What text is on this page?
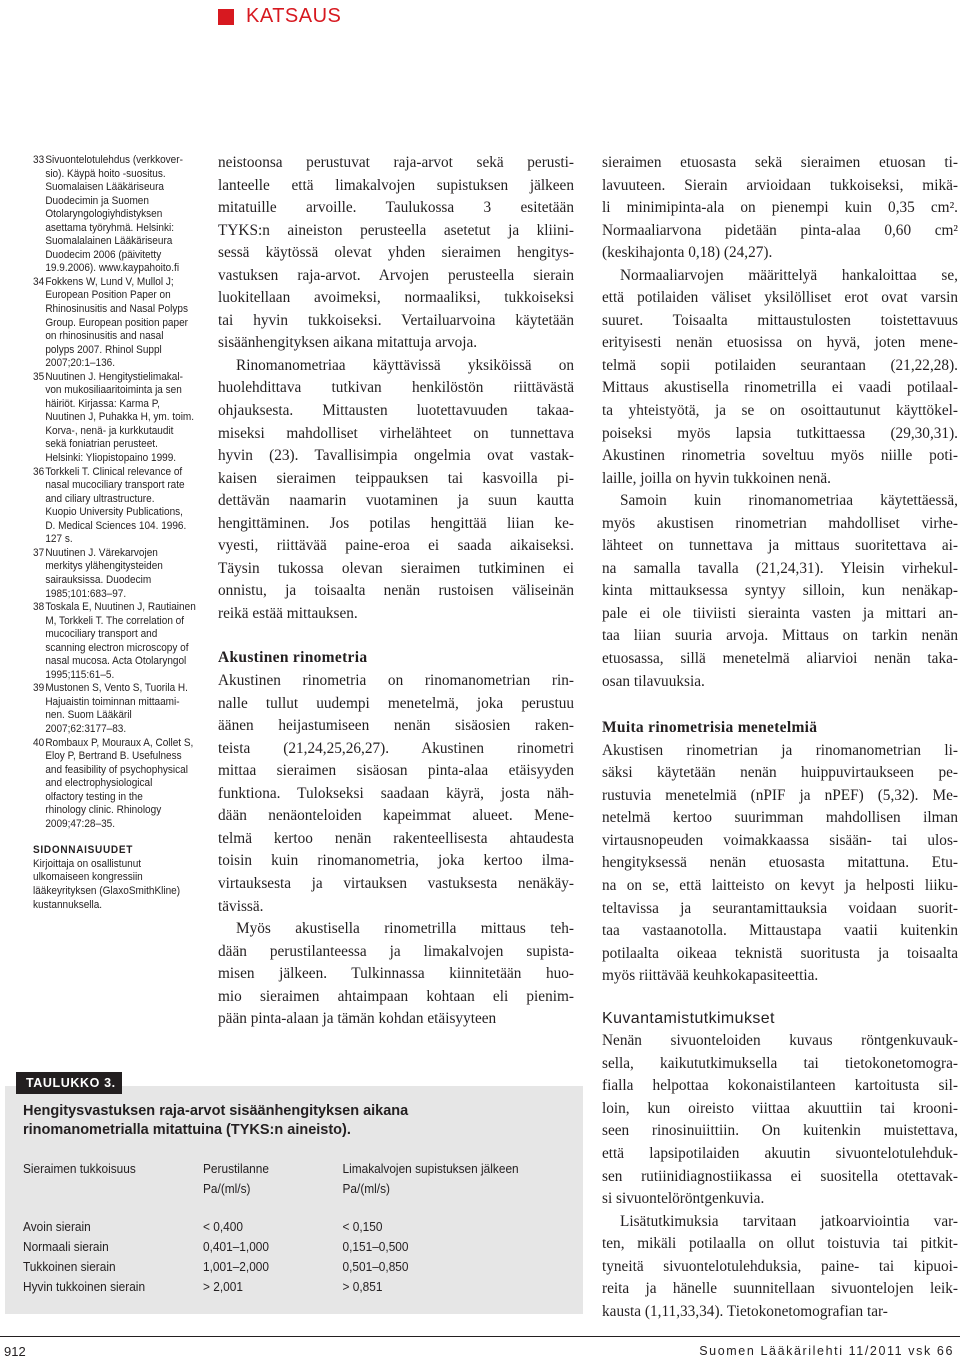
KATSAUS
33 Sivuontelotulehdus (verkkover-
sio). Käypä hoito -suositus.
Suomalaisen Lääkäriseura
Duodecimin ja Suomen
Otolaryngologiyhdistyksen
asettama työryhmä. Helsinki:
Suomalalainen Lääkäriseura
Duodecim 2006 (päivitetty
19.9.2006). www.kaypahoito.fi
34 Fokkens W, Lund V, Mullol J;
European Position Paper on
Rhinosinusitis and Nasal Polyps
Group. European position paper
on rhinosinusitis and nasal
polyps 2007. Rhinol Suppl
2007;20:1–136.
35 Nuutinen J. Hengitystielimakal-
von mukosiliaaritoiminta ja sen
häiriöt. Kirjassa: Karma P,
Nuutinen J, Puhakka H, ym. toim.
Korva-, nenä- ja kurkkutaudit
sekä foniatrian perusteet.
Helsinki: Yliopistopaino 1999.
36 Torkkeli T. Clinical relevance of
nasal mucociliary transport rate
and ciliary ultrastructure.
Kuopio University Publications,
D. Medical Sciences 104. 1996.
127 s.
37 Nuutinen J. Värekarvojen
merkitys ylähengitysteiden
sairauksissa. Duodecim
1985;101:683–97.
38 Toskala E, Nuutinen J, Rautiainen
M, Torkkeli T. The correlation of
mucociliary transport and
scanning electron microscopy of
nasal mucosa. Acta Otolaryngol
1995;115:61–5.
39 Mustonen S, Vento S, Tuorila H.
Hajuaistin toiminnan mittaami-
nen. Suom Lääkäril
2007;62:3177–83.
40 Rombaux P, Mouraux A, Collet S,
Eloy P, Bertrand B. Usefulness
and feasibility of psychophysical
and electrophysiological
olfactory testing in the
rhinology clinic. Rhinology
2009;47:28–35.
SIDONNAISUUDET
Kirjoittaja on osallistunut
ulkomaiseen kongressiin
lääkeyrityksen (GlaxoSmithKline)
kustannuksella.

neistoonsa perustuvat raja-arvot sekä perusti-
lanteelle että limakalvojen supistuksen jälkeen
mitatuille arvoille. Taulukossa 3 esitetään
TYKS:n aineiston perusteella asetetut ja kliini-
sessä käytössä olevat yhden sieraimen hengitys-
vastuksen raja-arvot. Arvojen perusteella sierain
luokitellaan avoimeksi, normaaliksi, tukkoiseksi
tai hyvin tukkoiseksi. Vertailuarvoina käytetään
sisäänhengityksen aikana mitattuja arvoja.

Rinomanometriaa käyttävissä yksiköissä on
huolehdittava tutkivan henkilöstön riittävästä
ohjauksesta. Mittausten luotettavuuden takaa-
miseksi mahdolliset virhelähteet on tunnettava
hyvin (23). Tavallisimpia ongelmia ovat vastak-
kaisen sieraimen teippauksen tai kasvoilla pi-
dettävän naamarin vuotaminen ja suun kautta
hengittäminen. Jos potilas hengittää liian ke-
vyesti, riittävää paine-eroa ei saada aikaiseksi.
Täysin tukossa olevan sieraimen tutkiminen ei
onnistu, ja toisaalta nenän rustoisen väliseinän
reikä estää mittauksen.

Akustinen rinometria

Akustinen rinometria on rinomanometrian rin-
nalle tullut uudempi menetelmä, joka perustuu
äänen heijastumiseen nenän sisäosien raken-
teista (21,24,25,26,27). Akustinen rinometri
mittaa sieraimen sisäosan pinta-alaa etäisyyden
funktiona. Tulokseksi saadaan käyrä, josta näh-
dään nenäonteloiden kapeimmat alueet. Mene-
telmä kertoo nenän rakenteellisesta ahtaudesta
toisin kuin rinomanometria, joka kertoo ilma-
virtauksesta ja virtauksen vastuksesta nenäkäy-
tävissä.

Myös akustisella rinometrilla mittaus teh-
dään perustilanteessa ja limakalvojen supista-
misen jälkeen. Tulkinnassa kiinnitetään huo-
mio sieraimen ahtaimpaan kohtaan eli pienim-
pään pinta-alaan ja tämän kohdan etäisyyteen

sieraimen etuosasta sekä sieraimen etuosan ti-
lavuuteen. Sierain arvioidaan tukkoiseksi, mikä-
li minimipinta-ala on pienempi kuin 0,35 cm².
Normaaliarvona pidetään pinta-alaa 0,60 cm²
(keskihajonta 0,18) (24,27).

Normaaliarvojen määrittelyä hankaloittaa se,
että potilaiden väliset yksilölliset erot ovat varsin
suuret. Toisaalta mittaustulosten toistettavuus
erityisesti nenän etuosissa on hyvä, joten mene-
telmä sopii potilaiden seurantaan (21,22,28).
Mittaus akustisella rinometrilla ei vaadi potilaal-
ta yhteistyötä, ja se on osoittautunut käyttökel-
poiseksi myös lapsia tutkittaessa (29,30,31).
Akustinen rinometria soveltuu myös niille poti-
laille, joilla on hyvin tukkoinen nenä.

Samoin kuin rinomanometriaa käytettäessä,
myös akustisen rinometrian mahdolliset virhe-
lähteet on tunnettava ja mittaus suoritettava ai-
na samalla tavalla (21,24,31). Yleisin virhekul-
kinta mittauksessa syntyy silloin, kun nenäkap-
pale ei ole tiiviisti sierainta vasten ja mittari an-
taa liian suuria arvoja. Mittaus on tarkin nenän
etuosassa, sillä menetelmä aliarvioi nenän taka-
osan tilavuuksia.

Muita rinometrisia menetelmiä

Akustisen rinometrian ja rinomanometrian li-
säksi käytetään nenän huippuvirtaukseen pe-
rustuvia menetelmiä (nPIF ja nPEF) (5,32). Me-
netelmä kertoo suurimman mahdollisen ilman
virtausnopeuden voimakkaassa sisään- tai ulos-
hengityksessä nenän etuosasta mitattuna. Etu-
na on se, että laitteisto on kevyt ja helposti liiku-
teltavissa ja seurantamittauksia voidaan suorit-
taa vastaanotolla. Mittaustapa vaatii kuitenkin
potilaalta oikeaa teknistä suoritusta ja toisaalta
myös riittävää keuhkokapasiteettia.

Kuvantamistutkimukset

Nenän sivuonteloiden kuvaus röntgenkuvauk-
sella, kaikututkimuksella tai tietokonetomogra-
fialla helpottaa kokonaistilanteen kartoitusta sil-
loin, kun oireisto viittaa akuuttiin tai krooni-
seen rinosinuiittiin. On kuitenkin muistettava,
että lapsipotilaiden akuutin sivuontelotulehduk-
sen rutiinidiagnostiikassa ei suositella otettavak-
si sivuontelöröntgenkuvia.

Lisätutkimuksia tarvitaan jatkoarviointia var-
ten, mikäli potilaalla on ollut toistuvia tai pitkit-
tyneitä sivuontelotulehduksia, paine- tai kipuoi-
reita ja hänelle suunnitellaan sivuontelojen leik-
kausta (1,11,33,34). Tietokonetomografian tar-

TAULUKKO 3.
Hengitysvastuksen raja-arvot sisäänhengityksen aikana
rinomanometrialla mitattuina (TYKS:n aineisto).
Sieraimen tukkoisuus	Perustilanne	Limakalvojen supistuksen jälkeen
Pa/(ml/s)	Pa/(ml/s)
Avoin sierain	< 0,400	< 0,150
Normaali sierain	0,401–1,000	0,151–0,500
Tukkoinen sierain	1,001–2,000	0,501–0,850
Hyvin tukkoinen sierain	> 2,001	> 0,851
912	Suomen Lääkärilehti 11/2011 vsk 66
